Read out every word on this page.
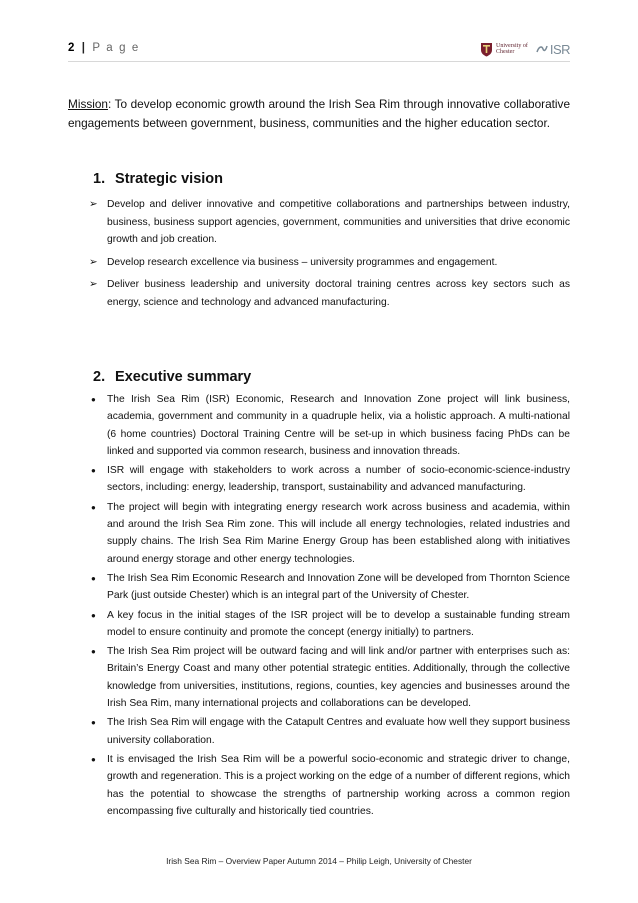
2 | P a g e	University of
Chester	ISR
Mission: To develop economic growth around the Irish Sea Rim through innovative collaborative engagements between government, business, communities and the higher education sector.
1. Strategic vision
➢ Develop and deliver innovative and competitive collaborations and partnerships between industry, business, business support agencies, government, communities and universities that drive economic growth and job creation.
➢ Develop research excellence via business – university programmes and engagement.
➢ Deliver business leadership and university doctoral training centres across key sectors such as energy, science and technology and advanced manufacturing.
2. Executive summary
● The Irish Sea Rim (ISR) Economic, Research and Innovation Zone project will link business, academia, government and community in a quadruple helix, via a holistic approach. A multi-national (6 home countries) Doctoral Training Centre will be set-up in which business facing PhDs can be linked and supported via common research, business and innovation threads.
● ISR will engage with stakeholders to work across a number of socio-economic-science-industry sectors, including: energy, leadership, transport, sustainability and advanced manufacturing.
● The project will begin with integrating energy research work across business and academia, within and around the Irish Sea Rim zone. This will include all energy technologies, related industries and supply chains. The Irish Sea Rim Marine Energy Group has been established along with initiatives around energy storage and other energy technologies.
● The Irish Sea Rim Economic Research and Innovation Zone will be developed from Thornton Science Park (just outside Chester) which is an integral part of the University of Chester.
● A key focus in the initial stages of the ISR project will be to develop a sustainable funding stream model to ensure continuity and promote the concept (energy initially) to partners.
● The Irish Sea Rim project will be outward facing and will link and/or partner with enterprises such as: Britain’s Energy Coast and many other potential strategic entities. Additionally, through the collective knowledge from universities, institutions, regions, counties, key agencies and businesses around the Irish Sea Rim, many international projects and collaborations can be developed.
● The Irish Sea Rim will engage with the Catapult Centres and evaluate how well they support business university collaboration.
● It is envisaged the Irish Sea Rim will be a powerful socio-economic and strategic driver to change, growth and regeneration. This is a project working on the edge of a number of different regions, which has the potential to showcase the strengths of partnership working across a common region encompassing five culturally and historically tied countries.
Irish Sea Rim – Overview Paper Autumn 2014 – Philip Leigh, University of Chester
